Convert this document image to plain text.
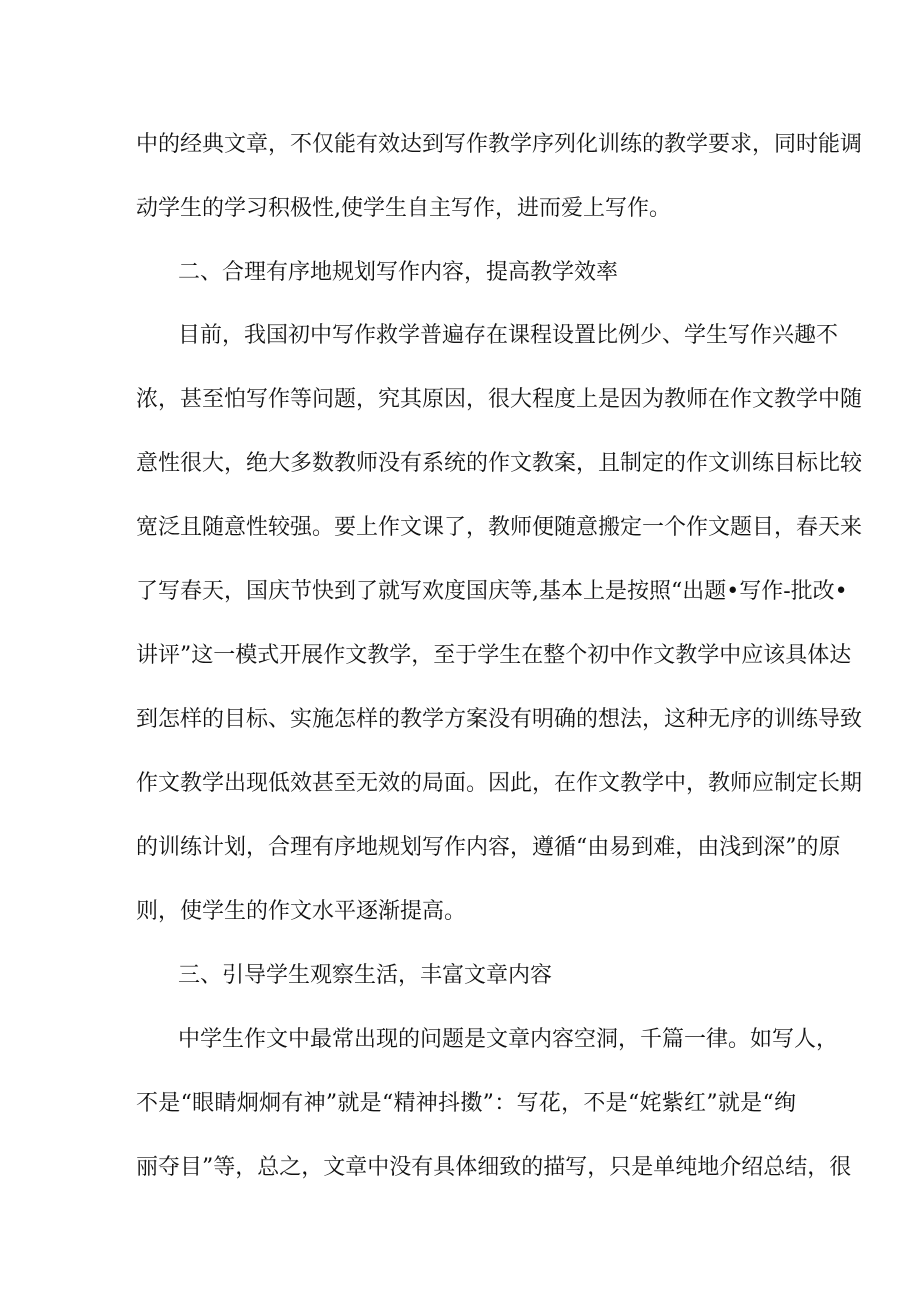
中的经典文章，不仅能有效达到写作教学序列化训练的教学要求，同时能调
动学生的学习积极性,使学生自主写作，进而爱上写作。
二、合理有序地规划写作内容，提高教学效率
目前，我国初中写作救学普遍存在课程设置比例少、学生写作兴趣不
浓，甚至怕写作等问题，究其原因，很大程度上是因为教师在作文教学中随
意性很大，绝大多数教师没有系统的作文教案，且制定的作文训练目标比较
宽泛且随意性较强。要上作文课了，教师便随意搬定一个作文题目，春天来
了写春天，国庆节快到了就写欢度国庆等,基本上是按照“出题•写作-批改•
讲评”这一模式开展作文教学，至于学生在整个初中作文教学中应该具体达
到怎样的目标、实施怎样的教学方案没有明确的想法，这种无序的训练导致
作文教学出现低效甚至无效的局面。因此，在作文教学中，教师应制定长期
的训练计划，合理有序地规划写作内容，遵循“由易到难，由浅到深”的原
则，使学生的作文水平逐渐提高。
三、引导学生观察生活，丰富文章内容
中学生作文中最常出现的问题是文章内容空洞，千篇一律。如写人，
不是“眼睛炯炯有神”就是“精神抖擞”：写花，不是“姹紫红”就是“绚
丽夺目”等，总之，文章中没有具体细致的描写，只是单纯地介绍总结，很
